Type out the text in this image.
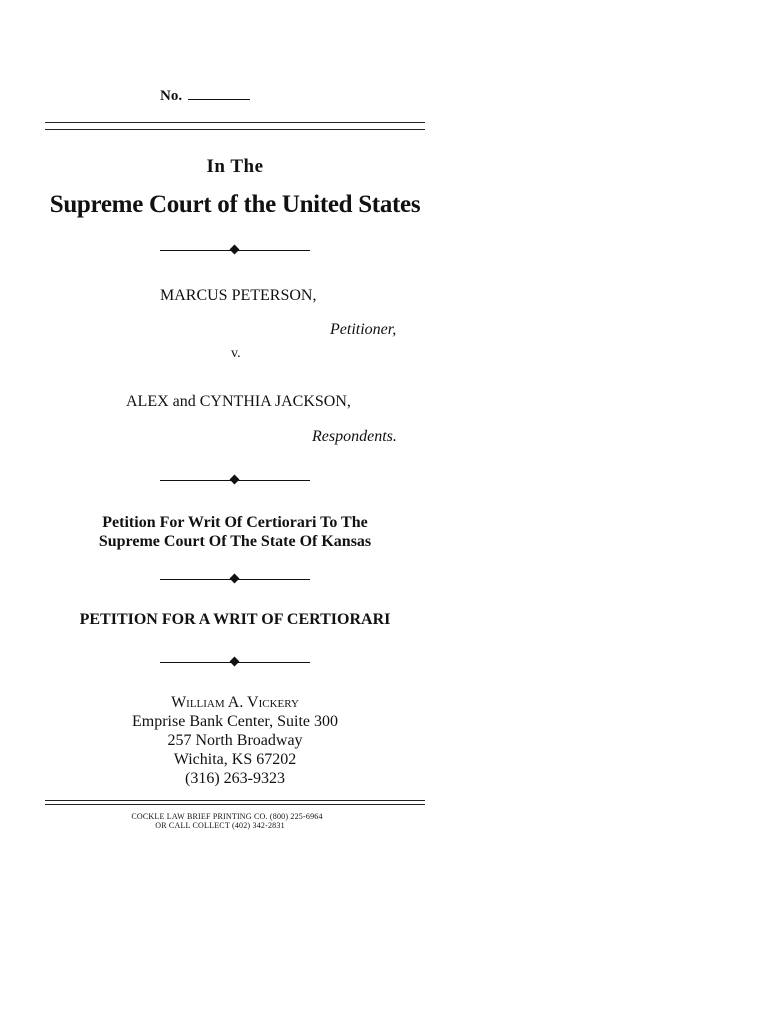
No.
In The
Supreme Court of the United States
MARCUS PETERSON,
Petitioner,
v.
ALEX and CYNTHIA JACKSON,
Respondents.
Petition For Writ Of Certiorari To The
Supreme Court Of The State Of Kansas
PETITION FOR A WRIT OF CERTIORARI
William A. Vickery
Emprise Bank Center, Suite 300
257 North Broadway
Wichita, KS 67202
(316) 263-9323
COCKLE LAW BRIEF PRINTING CO. (800) 225-6964
OR CALL COLLECT (402) 342-2831
